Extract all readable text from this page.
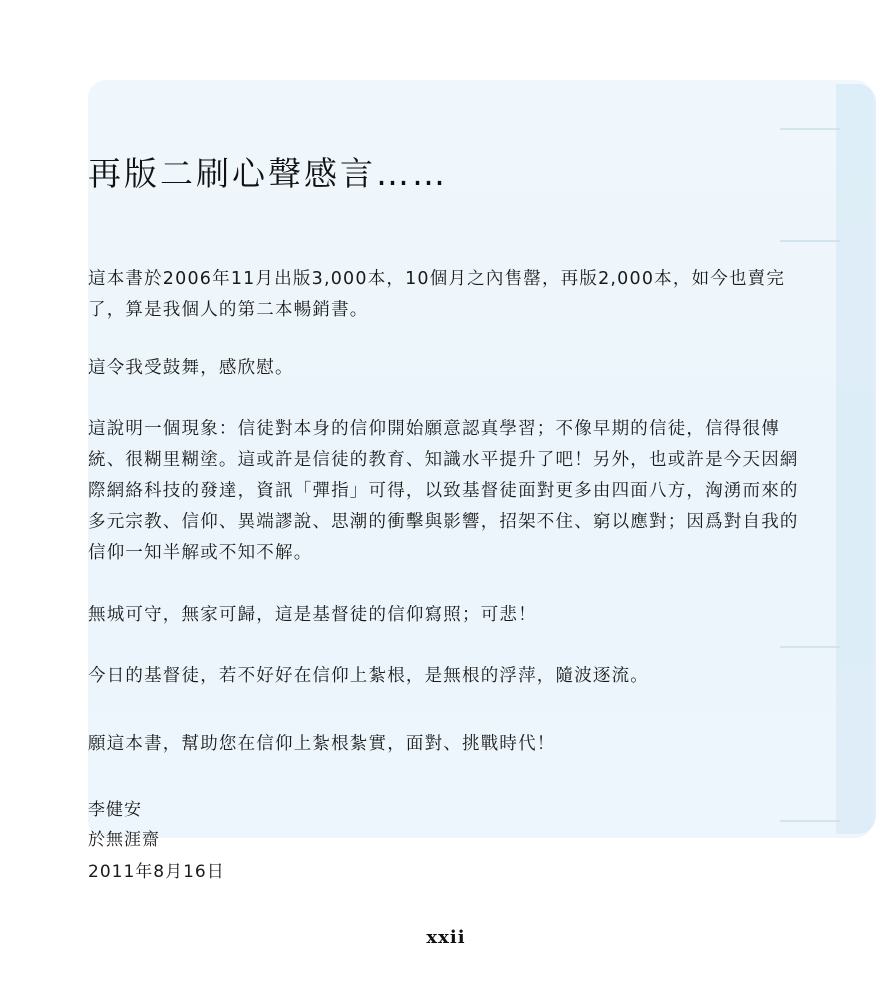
再版二刷心聲感言……

這本書於2006年11月出版3,000本，10個月之內售罄，再版2,000本，如今也賣完了，算是我個人的第二本暢銷書。

這令我受鼓舞，感欣慰。

這說明一個現象：信徒對本身的信仰開始願意認真學習；不像早期的信徒，信得很傳統、很糊里糊塗。這或許是信徒的教育、知識水平提升了吧！另外，也或許是今天因網際網絡科技的發達，資訊「彈指」可得，以致基督徒面對更多由四面八方，洶湧而來的多元宗教、信仰、異端謬說、思潮的衝擊與影響，招架不住、窮以應對；因爲對自我的信仰一知半解或不知不解。

無城可守，無家可歸，這是基督徒的信仰寫照；可悲！

今日的基督徒，若不好好在信仰上紮根，是無根的浮萍，隨波逐流。

願這本書，幫助您在信仰上紮根紮實，面對、挑戰時代！

李健安

於無涯齋

2011年8月16日

xxii
